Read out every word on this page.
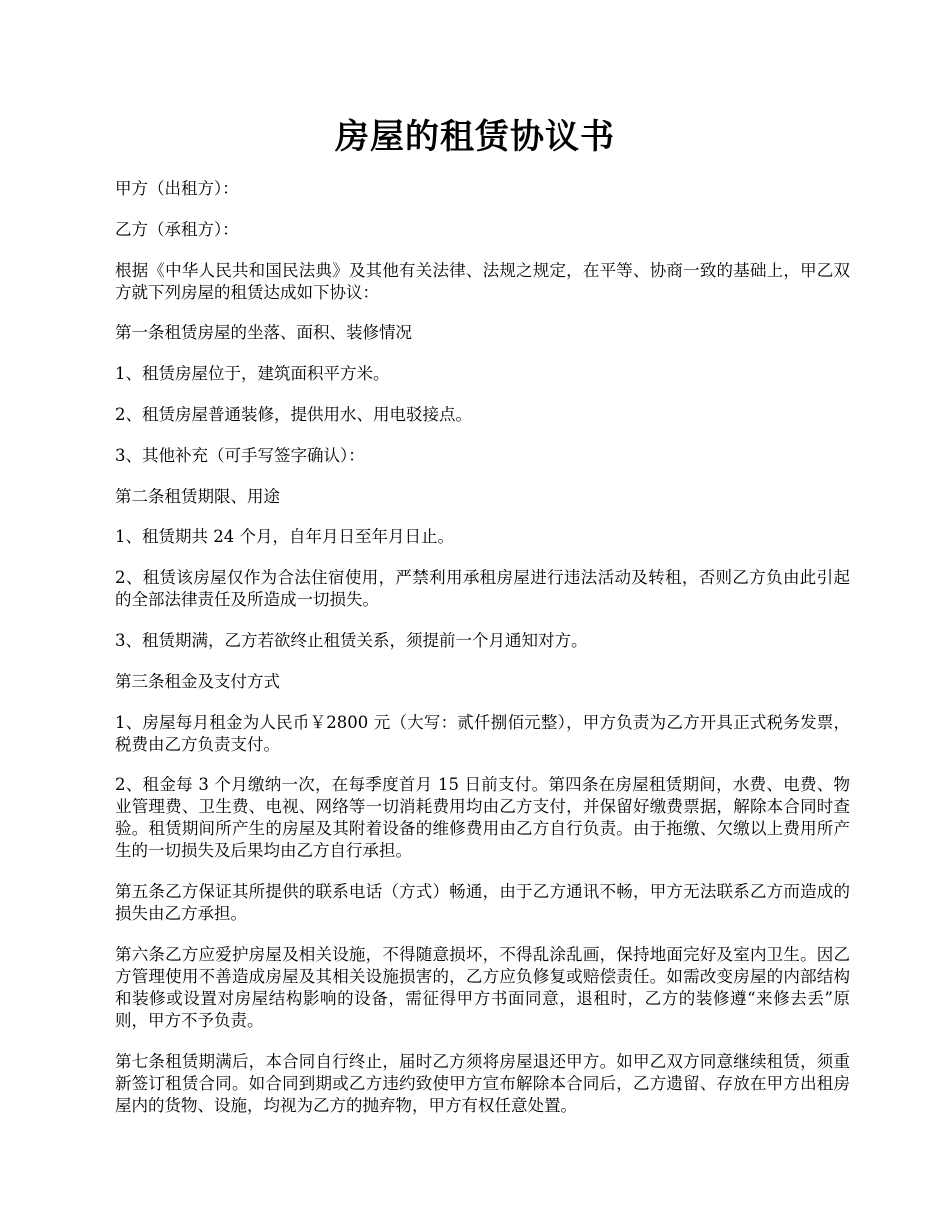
房屋的租赁协议书

甲方（出租方）：

乙方（承租方）：

根据《中华人民共和国民法典》及其他有关法律、法规之规定，在平等、协商一致的基础上，甲乙双方就下列房屋的租赁达成如下协议：

第一条租赁房屋的坐落、面积、装修情况

1、租赁房屋位于，建筑面积平方米。

2、租赁房屋普通装修，提供用水、用电驳接点。

3、其他补充（可手写签字确认）：

第二条租赁期限、用途

1、租赁期共 24 个月，自年月日至年月日止。

2、租赁该房屋仅作为合法住宿使用，严禁利用承租房屋进行违法活动及转租，否则乙方负由此引起的全部法律责任及所造成一切损失。

3、租赁期满，乙方若欲终止租赁关系，须提前一个月通知对方。

第三条租金及支付方式

1、房屋每月租金为人民币￥2800 元（大写：贰仟捌佰元整），甲方负责为乙方开具正式税务发票，税费由乙方负责支付。

2、租金每 3 个月缴纳一次，在每季度首月 15 日前支付。第四条在房屋租赁期间，水费、电费、物业管理费、卫生费、电视、网络等一切消耗费用均由乙方支付，并保留好缴费票据，解除本合同时查验。租赁期间所产生的房屋及其附着设备的维修费用由乙方自行负责。由于拖缴、欠缴以上费用所产生的一切损失及后果均由乙方自行承担。

第五条乙方保证其所提供的联系电话（方式）畅通，由于乙方通讯不畅，甲方无法联系乙方而造成的损失由乙方承担。

第六条乙方应爱护房屋及相关设施，不得随意损坏，不得乱涂乱画，保持地面完好及室内卫生。因乙方管理使用不善造成房屋及其相关设施损害的，乙方应负修复或赔偿责任。如需改变房屋的内部结构和装修或设置对房屋结构影响的设备，需征得甲方书面同意，退租时，乙方的装修遵“来修去丢”原则，甲方不予负责。

第七条租赁期满后，本合同自行终止，届时乙方须将房屋退还甲方。如甲乙双方同意继续租赁，须重新签订租赁合同。如合同到期或乙方违约致使甲方宣布解除本合同后，乙方遗留、存放在甲方出租房屋内的货物、设施，均视为乙方的抛弃物，甲方有权任意处置。
